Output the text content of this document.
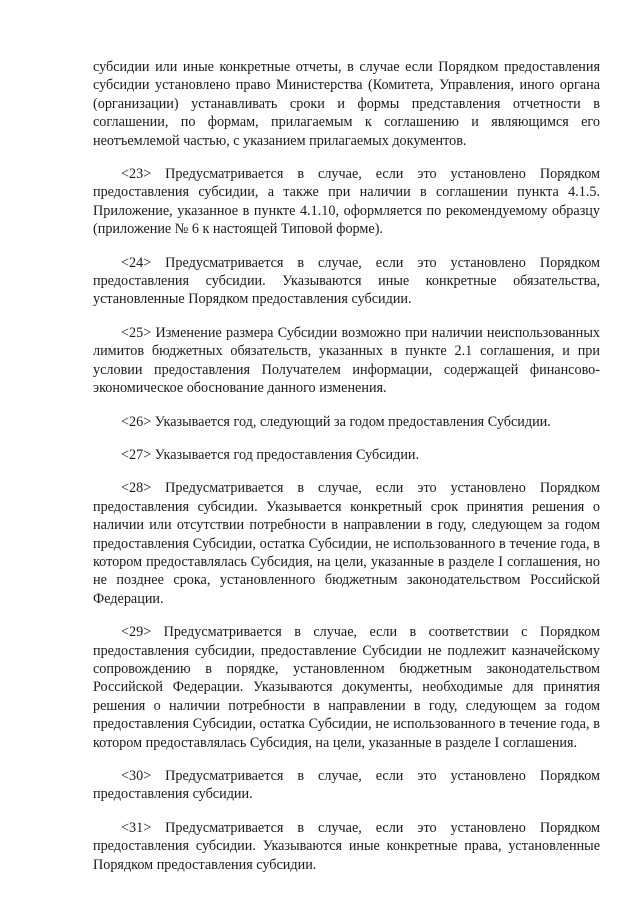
субсидии или иные конкретные отчеты, в случае если Порядком предоставления субсидии установлено право Министерства (Комитета, Управления, иного органа (организации) устанавливать сроки и формы представления отчетности в соглашении, по формам, прилагаемым к соглашению и являющимся его неотъемлемой частью, с указанием прилагаемых документов.

<23> Предусматривается в случае, если это установлено Порядком предоставления субсидии, а также при наличии в соглашении пункта 4.1.5. Приложение, указанное в пункте 4.1.10, оформляется по рекомендуемому образцу (приложение № 6 к настоящей Типовой форме).

<24> Предусматривается в случае, если это установлено Порядком предоставления субсидии. Указываются иные конкретные обязательства, установленные Порядком предоставления субсидии.

<25> Изменение размера Субсидии возможно при наличии неиспользованных лимитов бюджетных обязательств, указанных в пункте 2.1 соглашения, и при условии предоставления Получателем информации, содержащей финансово-экономическое обоснование данного изменения.

<26> Указывается год, следующий за годом предоставления Субсидии.

<27> Указывается год предоставления Субсидии.

<28> Предусматривается в случае, если это установлено Порядком предоставления субсидии. Указывается конкретный срок принятия решения о наличии или отсутствии потребности в направлении в году, следующем за годом предоставления Субсидии, остатка Субсидии, не использованного в течение года, в котором предоставлялась Субсидия, на цели, указанные в разделе I соглашения, но не позднее срока, установленного бюджетным законодательством Российской Федерации.

<29> Предусматривается в случае, если в соответствии с Порядком предоставления субсидии, предоставление Субсидии не подлежит казначейскому сопровождению в порядке, установленном бюджетным законодательством Российской Федерации. Указываются документы, необходимые для принятия решения о наличии потребности в направлении в году, следующем за годом предоставления Субсидии, остатка Субсидии, не использованного в течение года, в котором предоставлялась Субсидия, на цели, указанные в разделе I соглашения.

<30> Предусматривается в случае, если это установлено Порядком предоставления субсидии.

<31> Предусматривается в случае, если это установлено Порядком предоставления субсидии. Указываются иные конкретные права, установленные Порядком предоставления субсидии.
